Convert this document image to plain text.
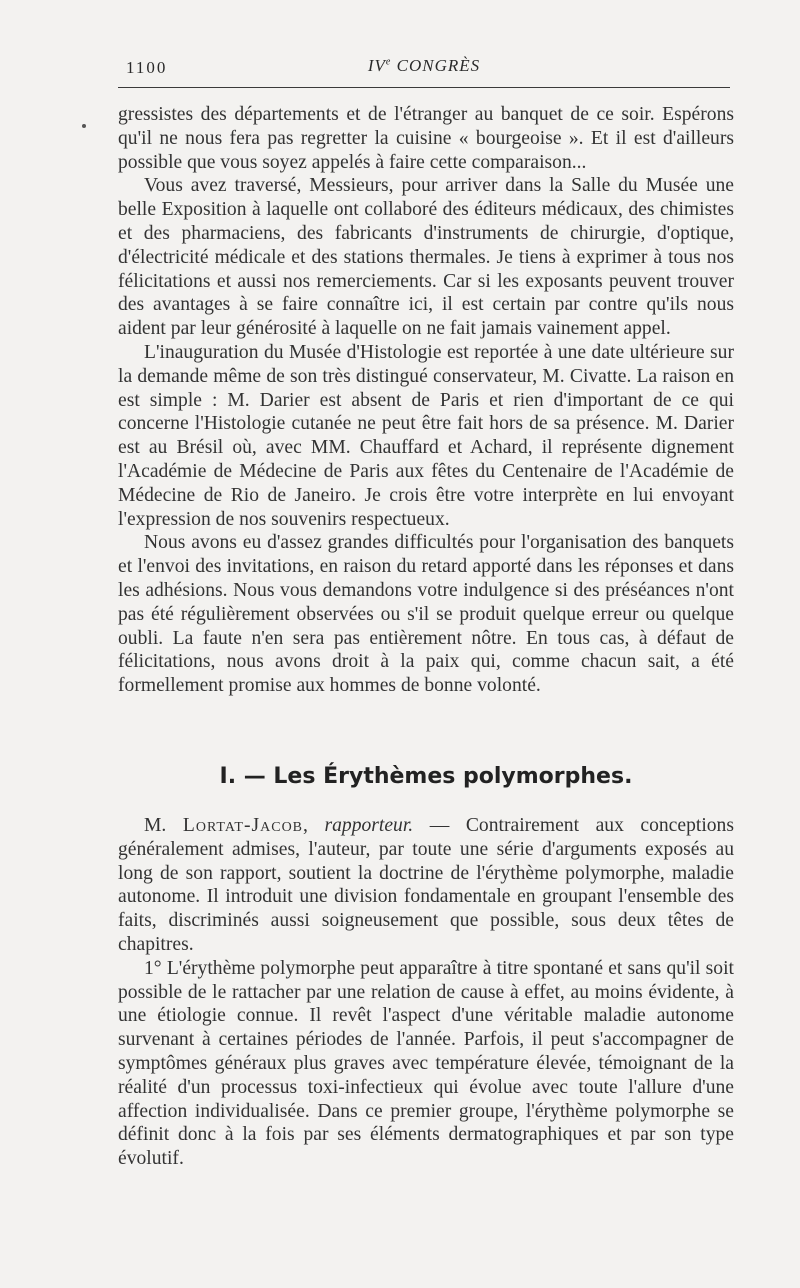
1100	IVe CONGRÈS

gressistes des départements et de l'étranger au banquet de ce soir. Espérons qu'il ne nous fera pas regretter la cuisine « bourgeoise ». Et il est d'ailleurs possible que vous soyez appelés à faire cette comparaison...

Vous avez traversé, Messieurs, pour arriver dans la Salle du Musée une belle Exposition à laquelle ont collaboré des éditeurs médicaux, des chimistes et des pharmaciens, des fabricants d'instruments de chirurgie, d'optique, d'électricité médicale et des stations thermales. Je tiens à exprimer à tous nos félicitations et aussi nos remerciements. Car si les exposants peuvent trouver des avantages à se faire connaître ici, il est certain par contre qu'ils nous aident par leur générosité à laquelle on ne fait jamais vainement appel.

L'inauguration du Musée d'Histologie est reportée à une date ultérieure sur la demande même de son très distingué conservateur, M. Civatte. La raison en est simple : M. Darier est absent de Paris et rien d'important de ce qui concerne l'Histologie cutanée ne peut être fait hors de sa présence. M. Darier est au Brésil où, avec MM. Chauffard et Achard, il représente dignement l'Académie de Médecine de Paris aux fêtes du Centenaire de l'Académie de Médecine de Rio de Janeiro. Je crois être votre interprète en lui envoyant l'expression de nos souvenirs respectueux.

Nous avons eu d'assez grandes difficultés pour l'organisation des banquets et l'envoi des invitations, en raison du retard apporté dans les réponses et dans les adhésions. Nous vous demandons votre indulgence si des préséances n'ont pas été régulièrement observées ou s'il se produit quelque erreur ou quelque oubli. La faute n'en sera pas entièrement nôtre. En tous cas, à défaut de félicitations, nous avons droit à la paix qui, comme chacun sait, a été formellement promise aux hommes de bonne volonté.

I. — Les Érythèmes polymorphes.

M. Lortat-Jacob, rapporteur. — Contrairement aux conceptions généralement admises, l'auteur, par toute une série d'arguments exposés au long de son rapport, soutient la doctrine de l'érythème polymorphe, maladie autonome. Il introduit une division fondamentale en groupant l'ensemble des faits, discriminés aussi soigneusement que possible, sous deux têtes de chapitres.

1° L'érythème polymorphe peut apparaître à titre spontané et sans qu'il soit possible de le rattacher par une relation de cause à effet, au moins évidente, à une étiologie connue. Il revêt l'aspect d'une véritable maladie autonome survenant à certaines périodes de l'année. Parfois, il peut s'accompagner de symptômes généraux plus graves avec température élevée, témoignant de la réalité d'un processus toxi-infectieux qui évolue avec toute l'allure d'une affection individualisée. Dans ce premier groupe, l'érythème polymorphe se définit donc à la fois par ses éléments dermatographiques et par son type évolutif.
